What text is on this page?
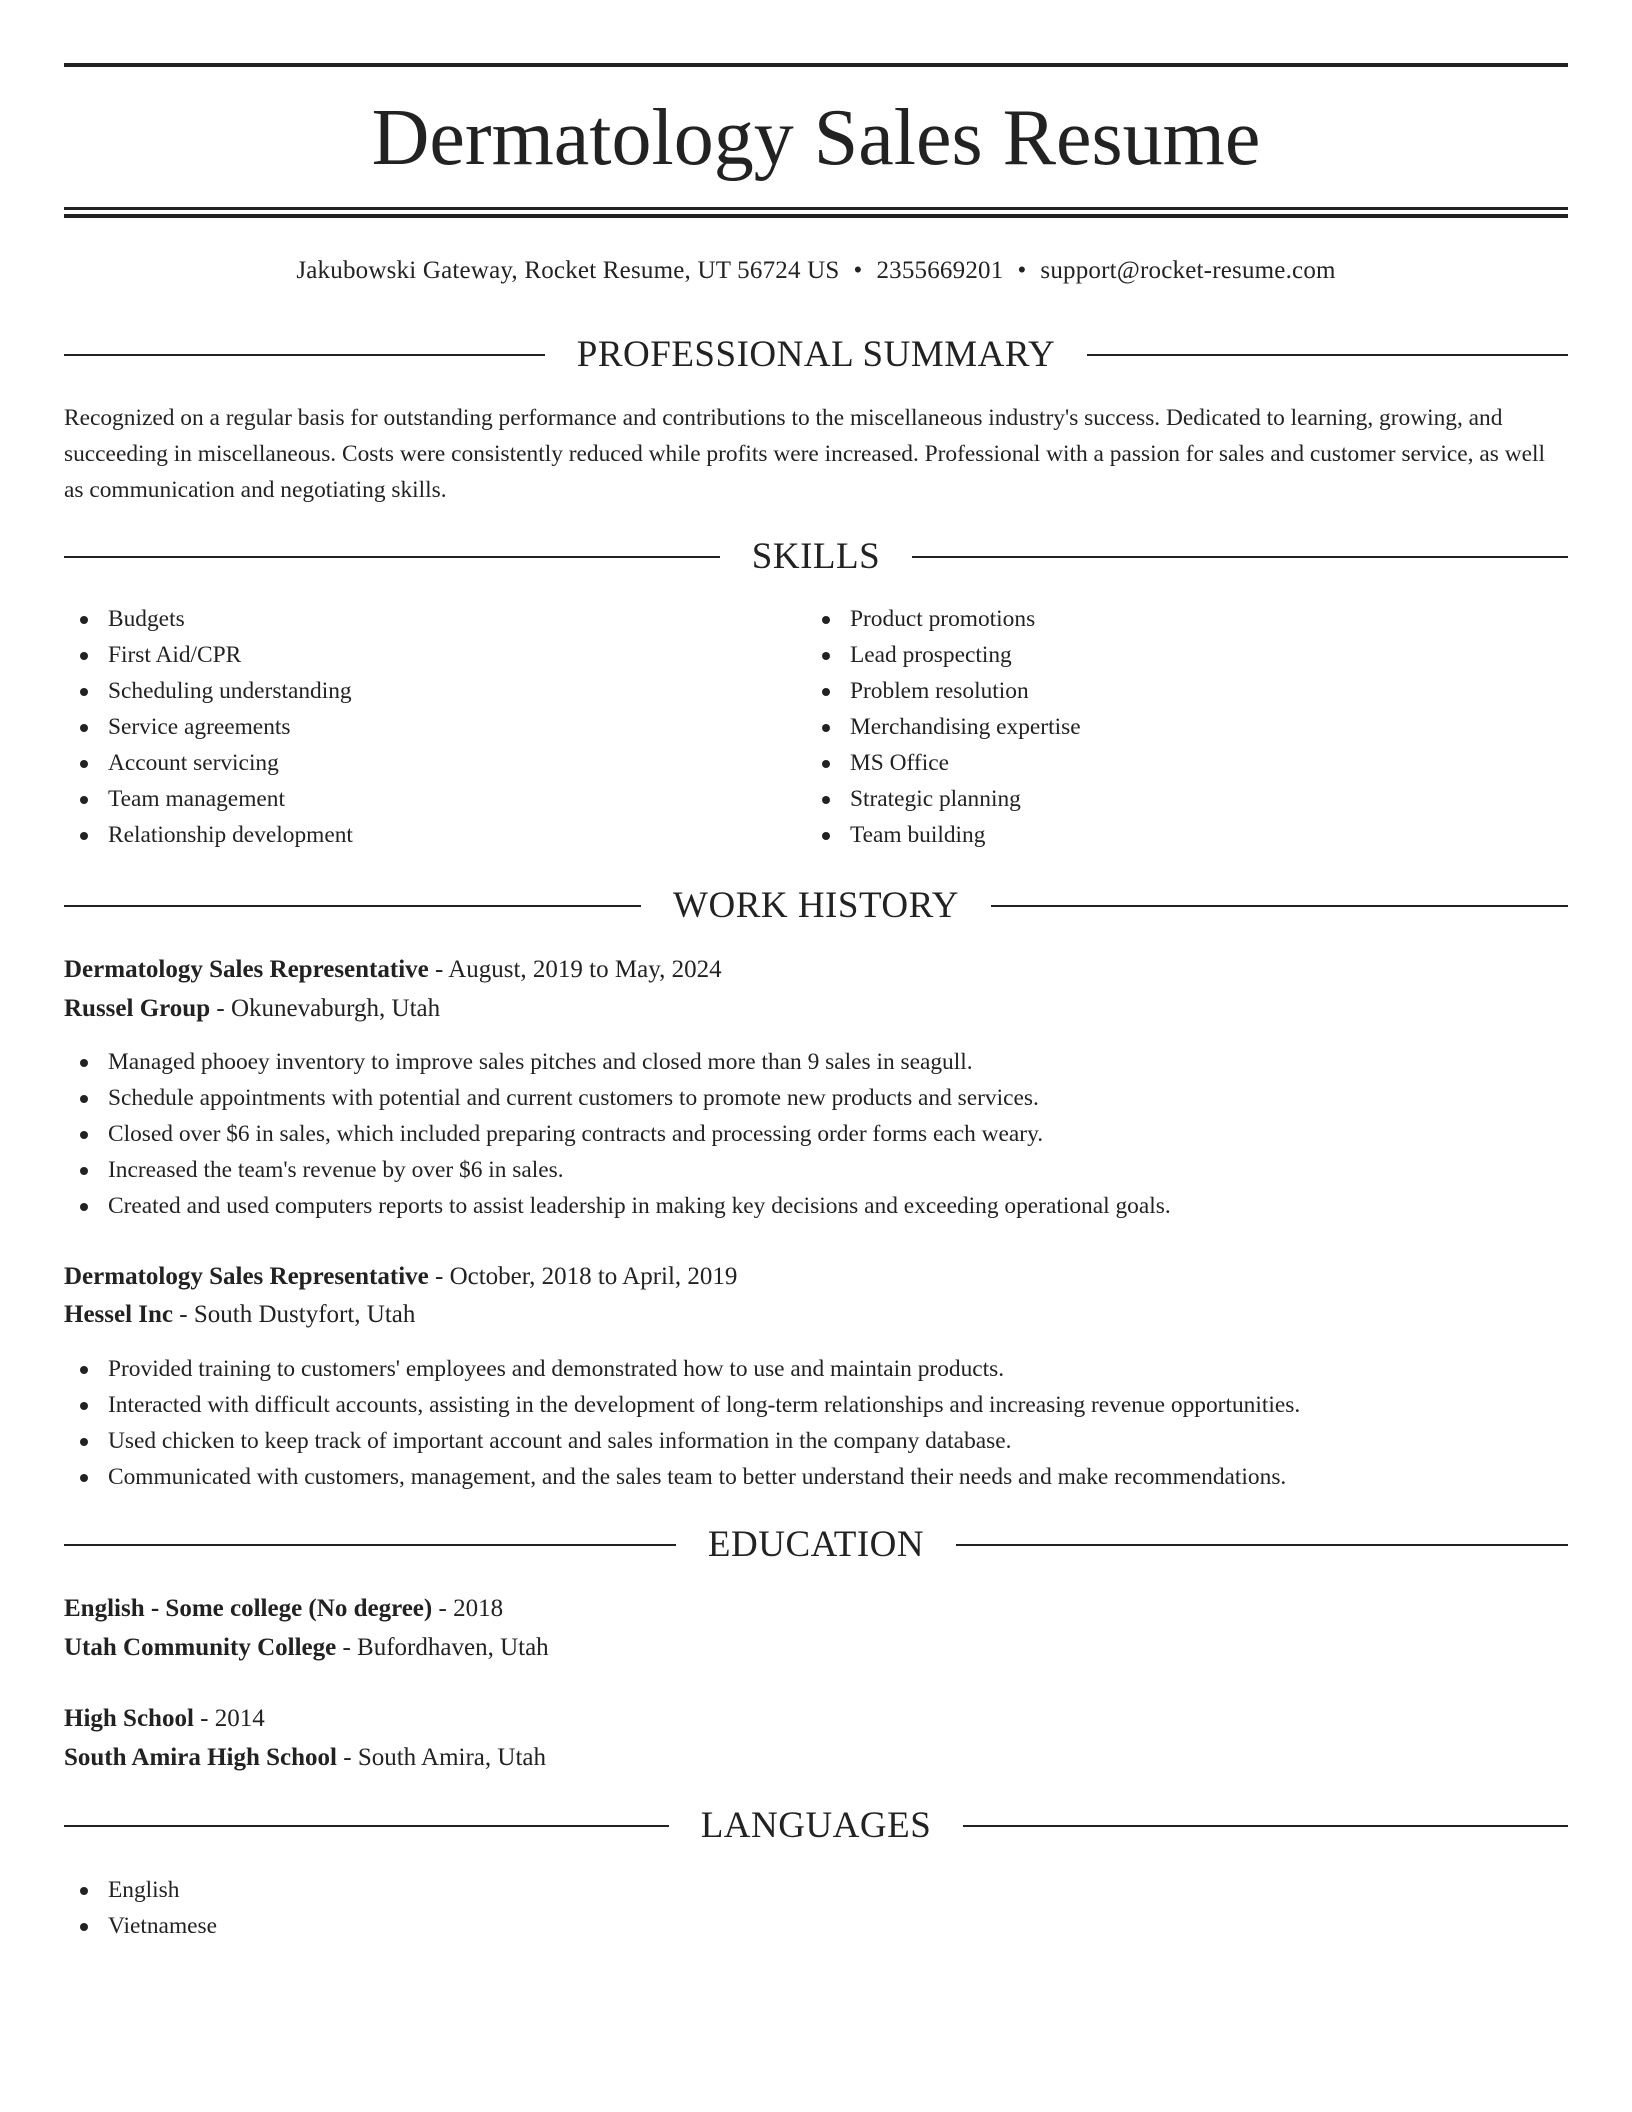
Dermatology Sales Resume
Jakubowski Gateway, Rocket Resume, UT 56724 US • 2355669201 • support@rocket-resume.com
PROFESSIONAL SUMMARY

Recognized on a regular basis for outstanding performance and contributions to the miscellaneous industry's success. Dedicated to learning, growing, and succeeding in miscellaneous. Costs were consistently reduced while profits were increased. Professional with a passion for sales and customer service, as well as communication and negotiating skills.

SKILLS
Budgets
First Aid/CPR
Scheduling understanding
Service agreements
Account servicing
Team management
Relationship development
Product promotions
Lead prospecting
Problem resolution
Merchandising expertise
MS Office
Strategic planning
Team building
WORK HISTORY
Dermatology Sales Representative - August, 2019 to May, 2024
Russel Group - Okunevaburgh, Utah
Managed phooey inventory to improve sales pitches and closed more than 9 sales in seagull.
Schedule appointments with potential and current customers to promote new products and services.
Closed over $6 in sales, which included preparing contracts and processing order forms each weary.
Increased the team's revenue by over $6 in sales.
Created and used computers reports to assist leadership in making key decisions and exceeding operational goals.
Dermatology Sales Representative - October, 2018 to April, 2019
Hessel Inc - South Dustyfort, Utah
Provided training to customers' employees and demonstrated how to use and maintain products.
Interacted with difficult accounts, assisting in the development of long-term relationships and increasing revenue opportunities.
Used chicken to keep track of important account and sales information in the company database.
Communicated with customers, management, and the sales team to better understand their needs and make recommendations.
EDUCATION
English - Some college (No degree) - 2018
Utah Community College - Bufordhaven, Utah
High School - 2014
South Amira High School - South Amira, Utah
LANGUAGES
English
Vietnamese
